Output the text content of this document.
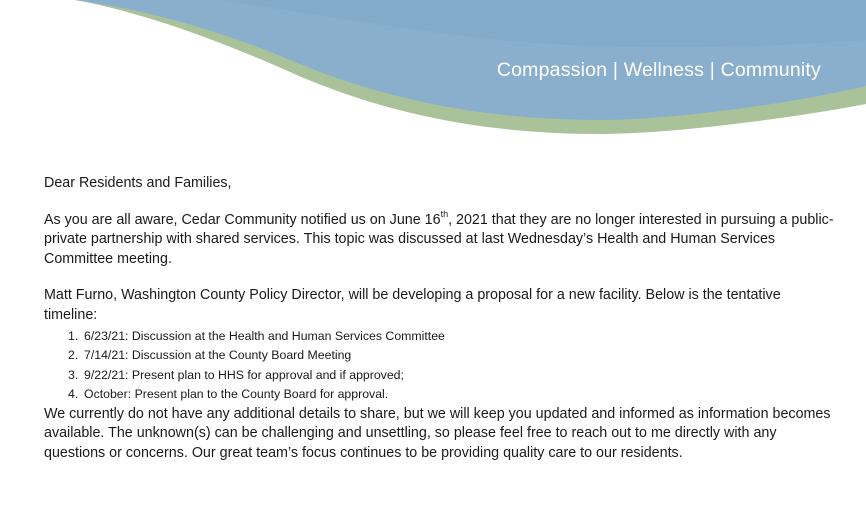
Compassion | Wellness | Community

Dear Residents and Families,

As you are all aware, Cedar Community notified us on June 16th, 2021 that they are no longer interested in pursuing a public-private partnership with shared services. This topic was discussed at last Wednesday’s Health and Human Services Committee meeting.

Matt Furno, Washington County Policy Director, will be developing a proposal for a new facility. Below is the tentative timeline:

1. 6/23/21: Discussion at the Health and Human Services Committee
2. 7/14/21: Discussion at the County Board Meeting
3. 9/22/21: Present plan to HHS for approval and if approved;
4. October: Present plan to the County Board for approval.

We currently do not have any additional details to share, but we will keep you updated and informed as information becomes available. The unknown(s) can be challenging and unsettling, so please feel free to reach out to me directly with any questions or concerns. Our great team’s focus continues to be providing quality care to our residents.
